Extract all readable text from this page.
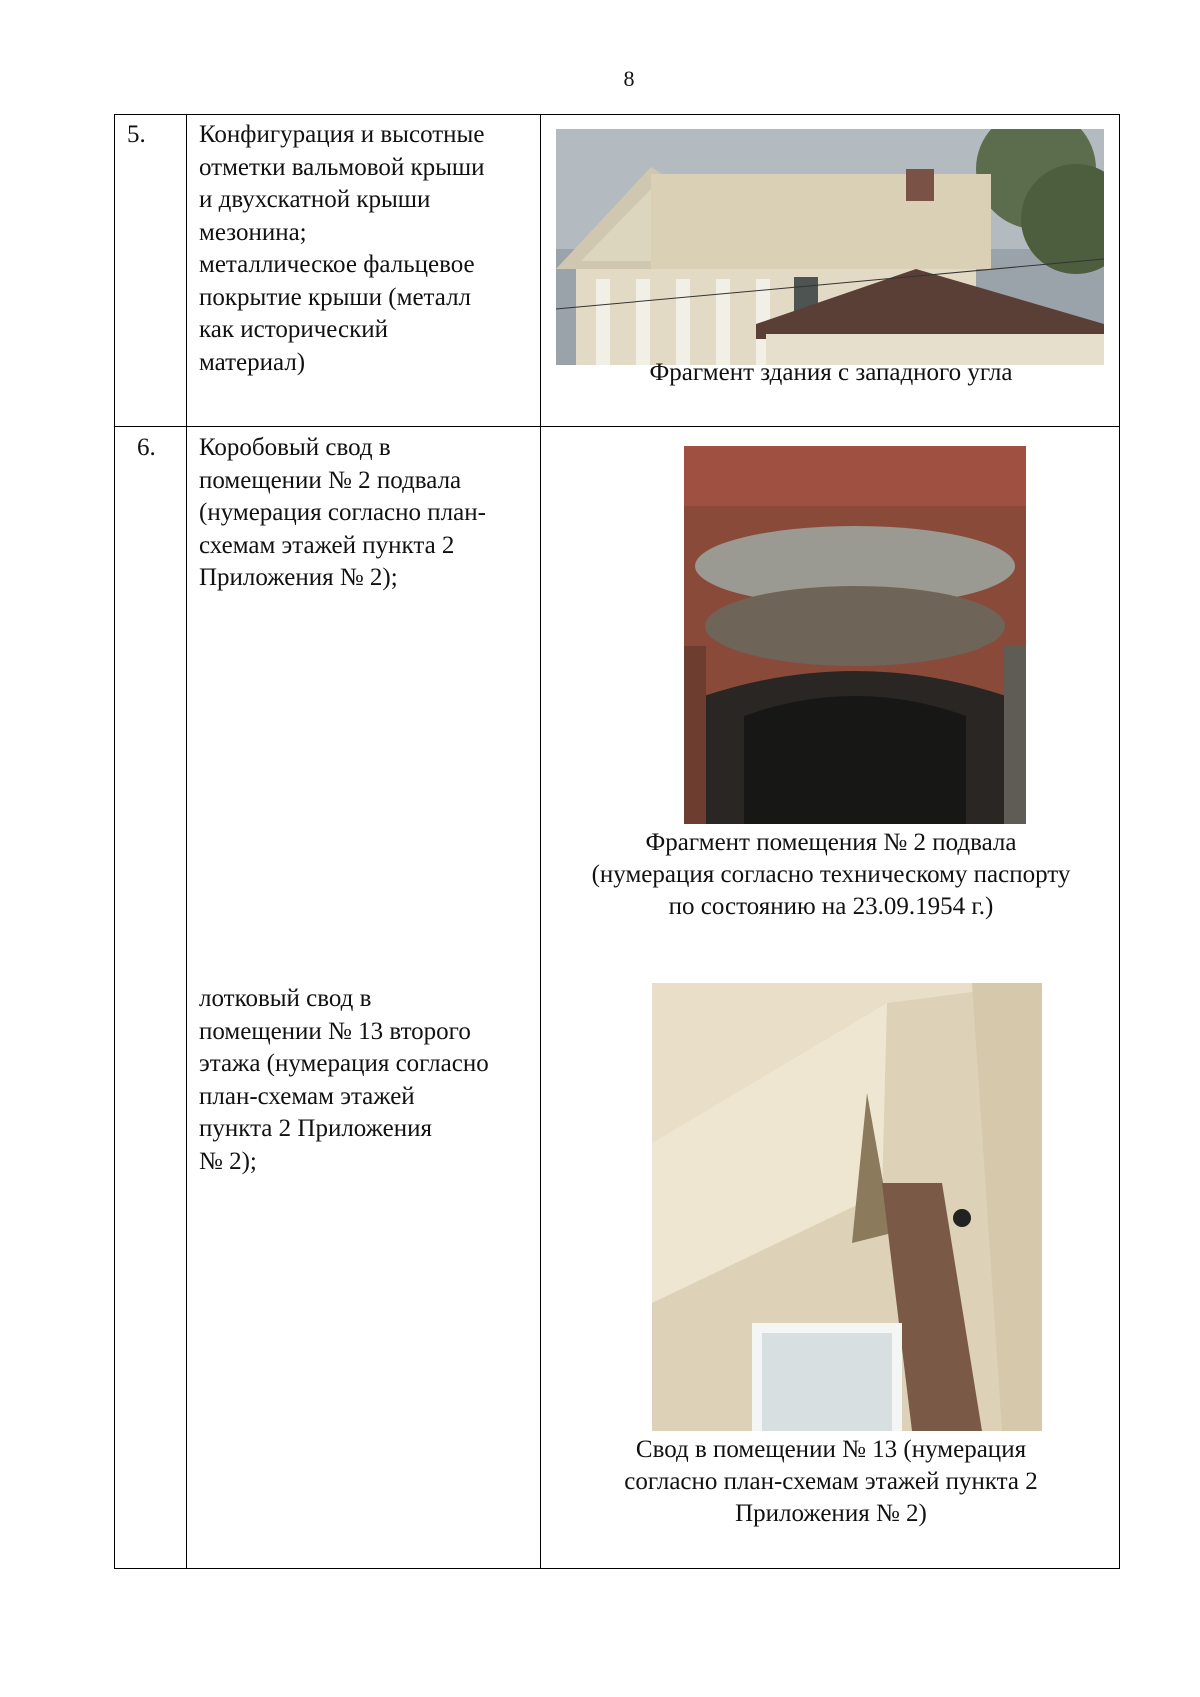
8
5. Конфигурация и высотные
отметки вальмовой крыши
и двухскатной крыши
мезонина;
металлическое фальцевое
покрытие крыши (металл
как исторический
материал)	Фрагмент здания с западного угла
6. Коробовый свод в
помещении № 2 подвала
(нумерация согласно план-
схемам этажей пункта 2
Приложения № 2);
Фрагмент помещения № 2 подвала
(нумерация согласно техническому паспорту
по состоянию на 23.09.1954 г.)
лотковый свод в
помещении № 13 второго
этажа (нумерация согласно
план-схемам этажей
пункта 2 Приложения
№ 2);
Свод в помещении № 13 (нумерация
согласно план-схемам этажей пункта 2
Приложения № 2)
